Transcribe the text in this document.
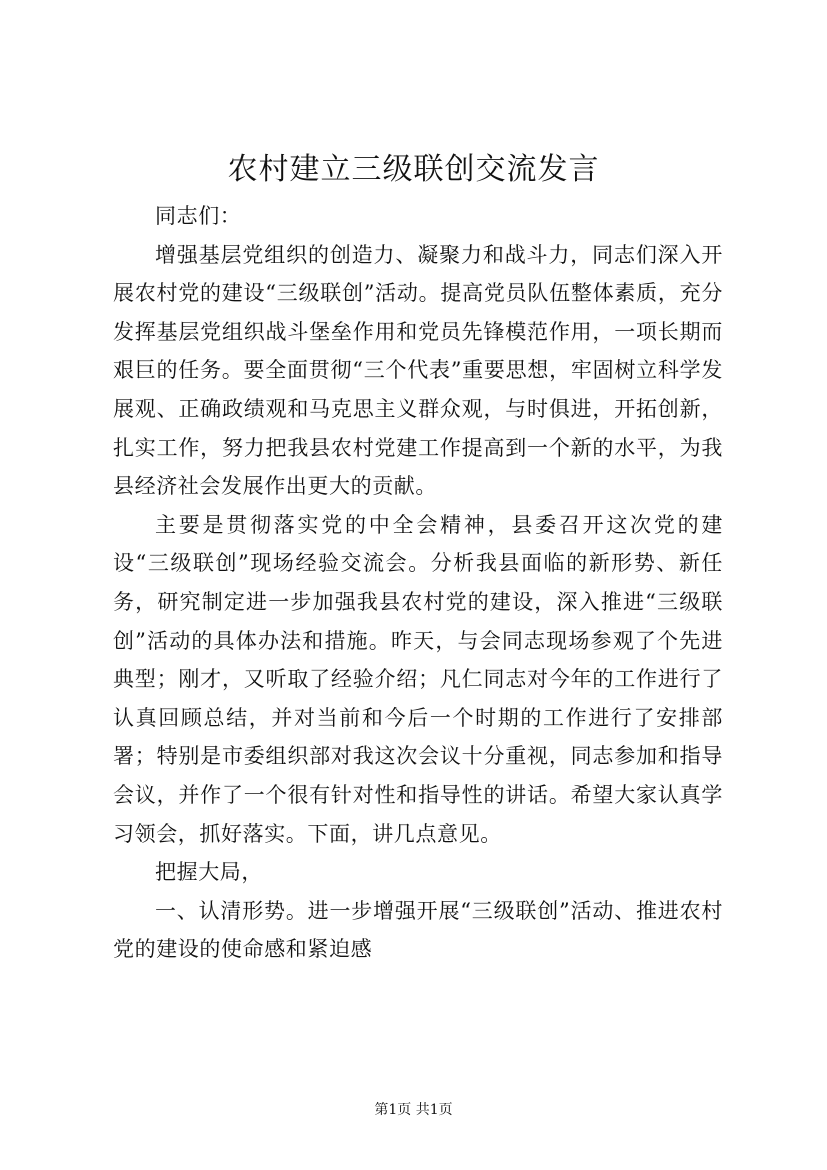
农村建立三级联创交流发言

同志们：

增强基层党组织的创造力、凝聚力和战斗力，同志们深入开展农村党的建设“三级联创”活动。提高党员队伍整体素质，充分发挥基层党组织战斗堡垒作用和党员先锋模范作用，一项长期而艰巨的任务。要全面贯彻“三个代表”重要思想，牢固树立科学发展观、正确政绩观和马克思主义群众观，与时俱进，开拓创新，扎实工作，努力把我县农村党建工作提高到一个新的水平，为我县经济社会发展作出更大的贡献。

主要是贯彻落实党的中全会精神，县委召开这次党的建设“三级联创”现场经验交流会。分析我县面临的新形势、新任务，研究制定进一步加强我县农村党的建设，深入推进“三级联创”活动的具体办法和措施。昨天，与会同志现场参观了个先进典型；刚才，又听取了经验介绍；凡仁同志对今年的工作进行了认真回顾总结，并对当前和今后一个时期的工作进行了安排部署；特别是市委组织部对我这次会议十分重视，同志参加和指导会议，并作了一个很有针对性和指导性的讲话。希望大家认真学习领会，抓好落实。下面，讲几点意见。

把握大局，

一、认清形势。进一步增强开展“三级联创”活动、推进农村党的建设的使命感和紧迫感

第1页 共1页
